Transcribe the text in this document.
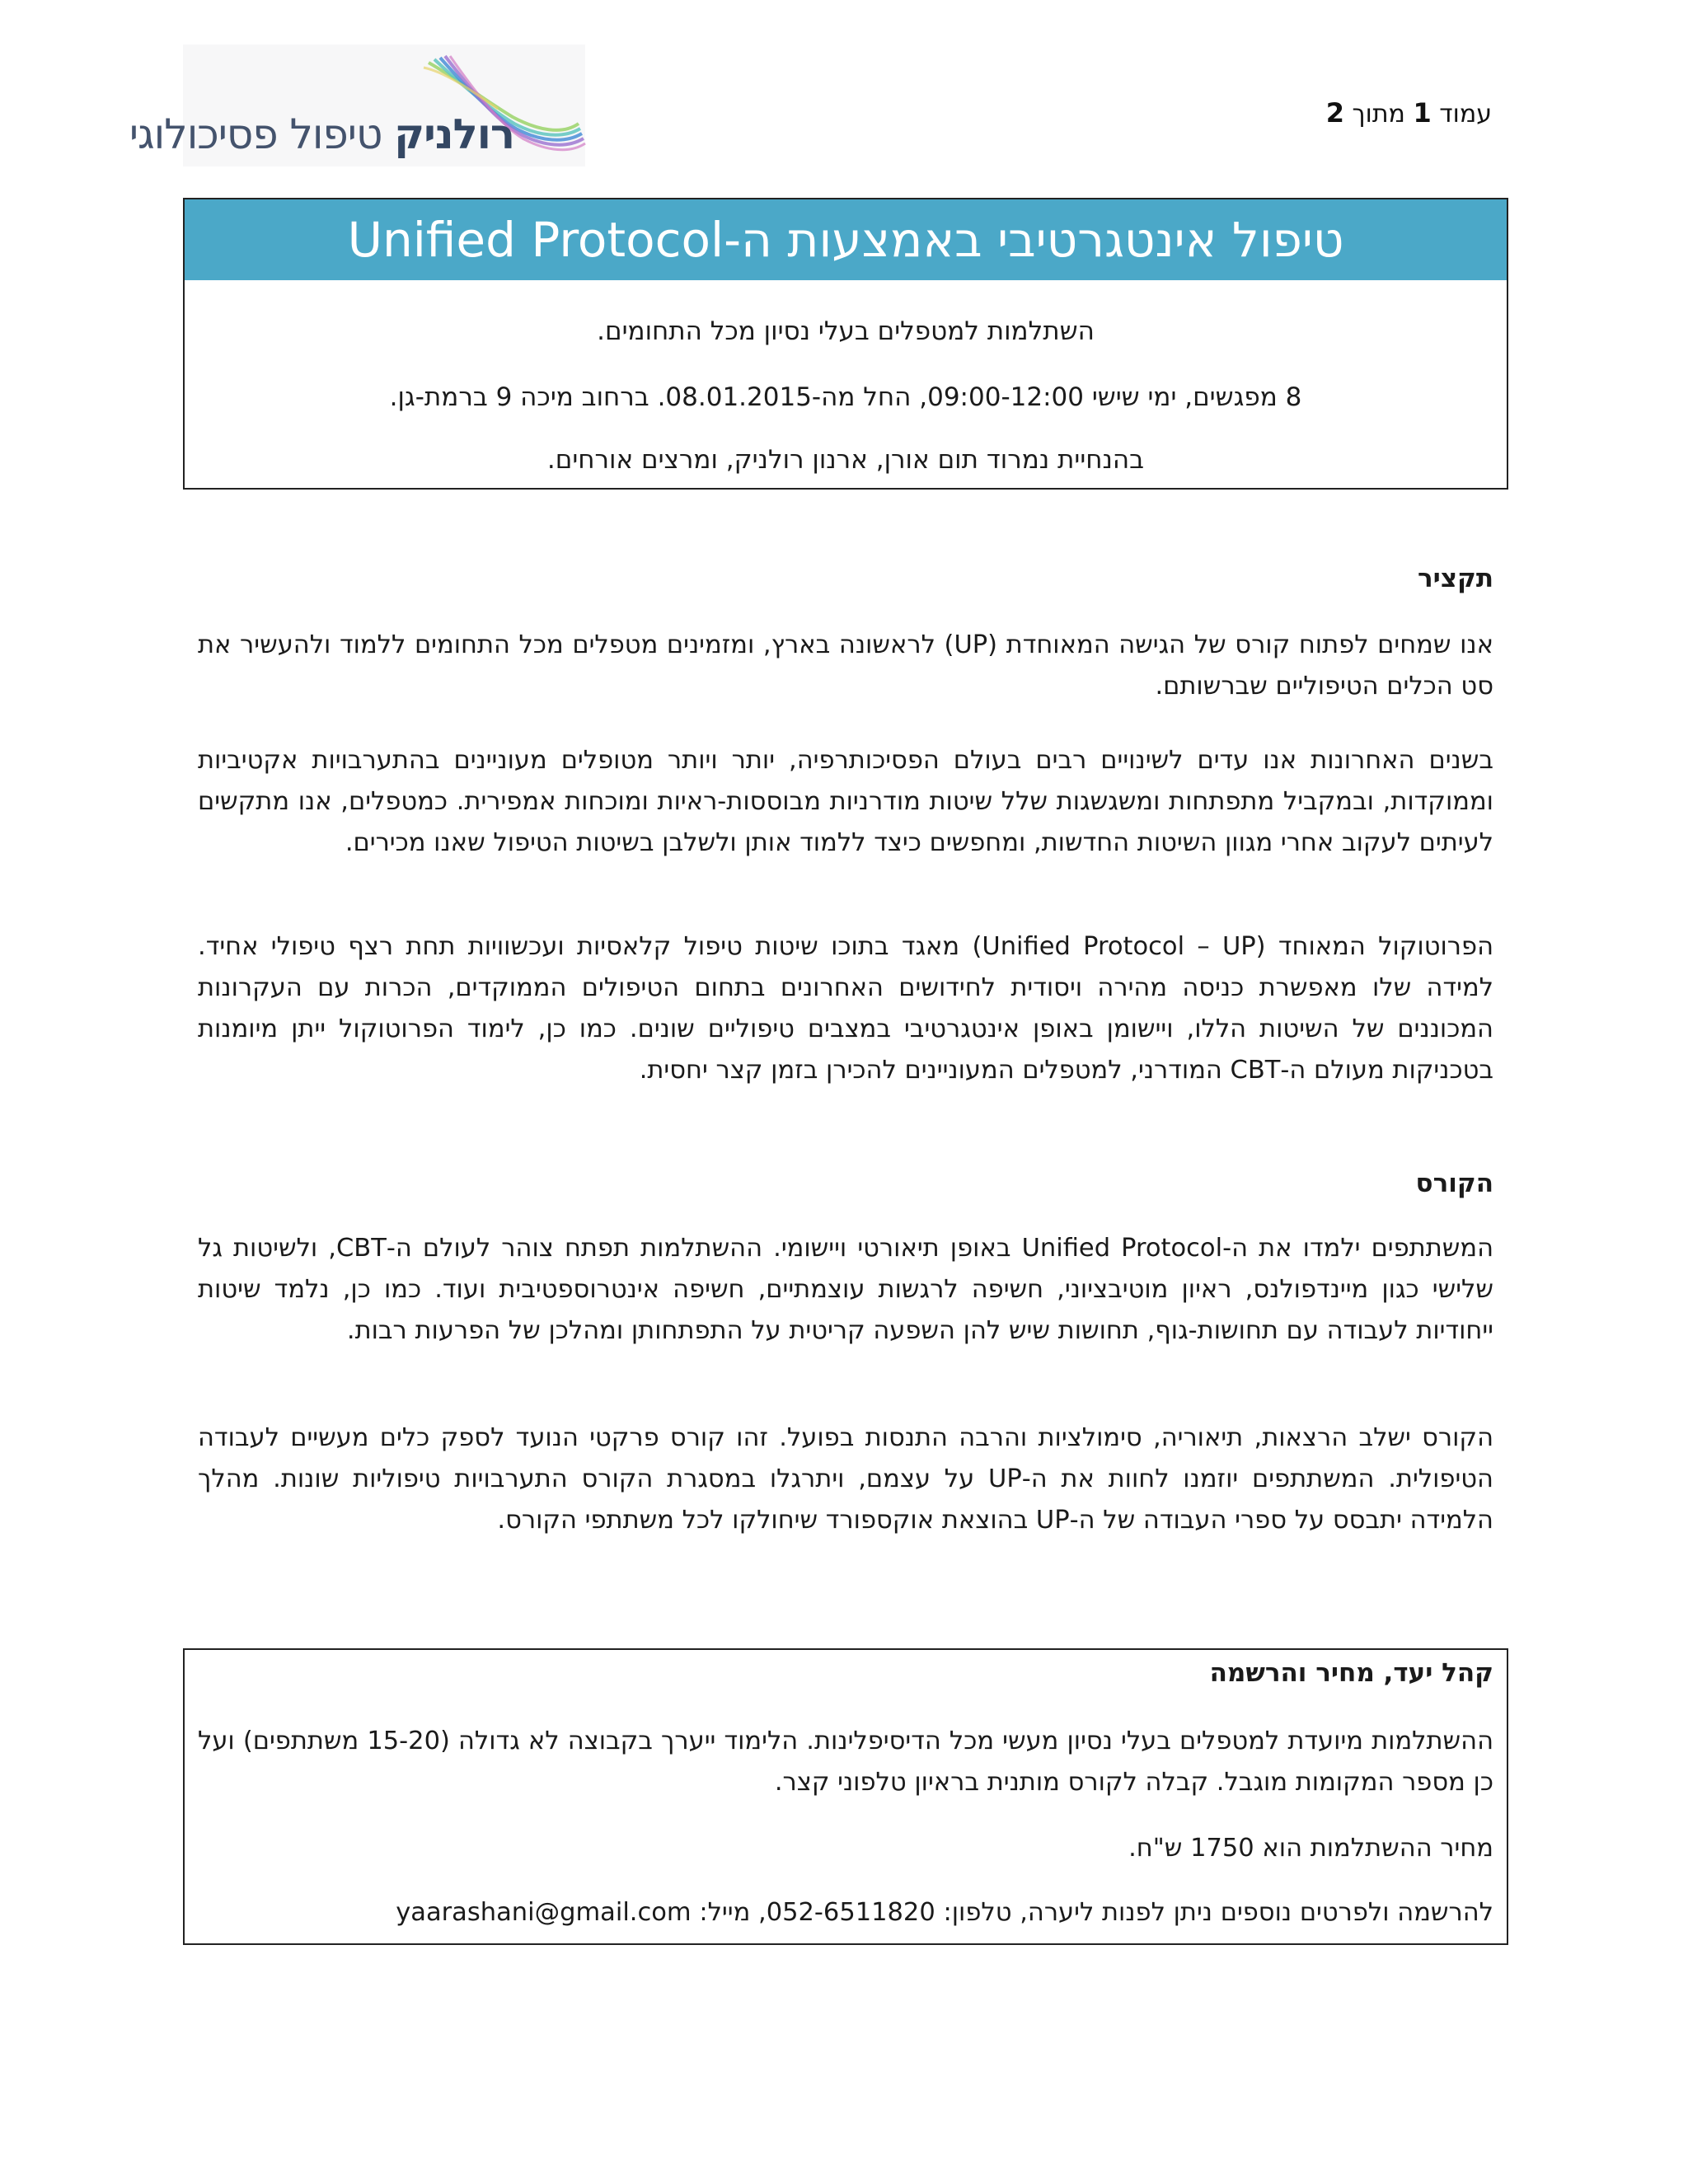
עמוד 1 מתוך 2
רולניק טיפול פסיכולוגי
טיפול אינטגרטיבי באמצעות ה-Unified Protocol
השתלמות למטפלים בעלי נסיון מכל התחומים.
8 מפגשים, ימי שישי 09:00-12:00, החל מה-08.01.2015. ברחוב מיכה 9 ברמת-גן.
בהנחיית נמרוד תום אורן, ארנון רולניק, ומרצים אורחים.
תקציר

אנו שמחים לפתוח קורס של הגישה המאוחדת (UP) לראשונה בארץ, ומזמינים מטפלים מכל התחומים ללמוד ולהעשיר את סט הכלים הטיפוליים שברשותם.

בשנים האחרונות אנו עדים לשינויים רבים בעולם הפסיכותרפיה, יותר ויותר מטופלים מעוניינים בהתערבויות אקטיביות וממוקדות, ובמקביל מתפתחות ומשגשגות שלל שיטות מודרניות מבוססות-ראיות ומוכחות אמפירית. כמטפלים, אנו מתקשים לעיתים לעקוב אחרי מגוון השיטות החדשות, ומחפשים כיצד ללמוד אותן ולשלבן בשיטות הטיפול שאנו מכירים.

הפרוטוקול המאוחד (Unified Protocol – UP) מאגד בתוכו שיטות טיפול קלאסיות ועכשוויות תחת רצף טיפולי אחיד. למידה שלו מאפשרת כניסה מהירה ויסודית לחידושים האחרונים בתחום הטיפולים הממוקדים, הכרות עם העקרונות המכוננים של השיטות הללו, ויישומן באופן אינטגרטיבי במצבים טיפוליים שונים. כמו כן, לימוד הפרוטוקול ייתן מיומנות בטכניקות מעולם ה-CBT המודרני, למטפלים המעוניינים להכירן בזמן קצר יחסית.

הקורס

המשתתפים ילמדו את ה-Unified Protocol באופן תיאורטי ויישומי. ההשתלמות תפתח צוהר לעולם ה-CBT, ולשיטות גל שלישי כגון מיינדפולנס, ראיון מוטיבציוני, חשיפה לרגשות עוצמתיים, חשיפה אינטרוספטיבית ועוד. כמו כן, נלמד שיטות ייחודיות לעבודה עם תחושות-גוף, תחושות שיש להן השפעה קריטית על התפתחותן ומהלכן של הפרעות רבות.

הקורס ישלב הרצאות, תיאוריה, סימולציות והרבה התנסות בפועל. זהו קורס פרקטי הנועד לספק כלים מעשיים לעבודה הטיפולית. המשתתפים יוזמנו לחוות את ה-UP על עצמם, ויתרגלו במסגרת הקורס התערבויות טיפוליות שונות. מהלך הלמידה יתבסס על ספרי העבודה של ה-UP בהוצאת אוקספורד שיחולקו לכל משתתפי הקורס.

קהל יעד, מחיר והרשמה

ההשתלמות מיועדת למטפלים בעלי נסיון מעשי מכל הדיסיפלינות. הלימוד ייערך בקבוצה לא גדולה (15-20 משתתפים) ועל כן מספר המקומות מוגבל. קבלה לקורס מותנית בראיון טלפוני קצר.

מחיר ההשתלמות הוא 1750 ש"ח.

להרשמה ולפרטים נוספים ניתן לפנות ליערה, טלפון: 052-6511820, מייל: yaarashani@gmail.com
